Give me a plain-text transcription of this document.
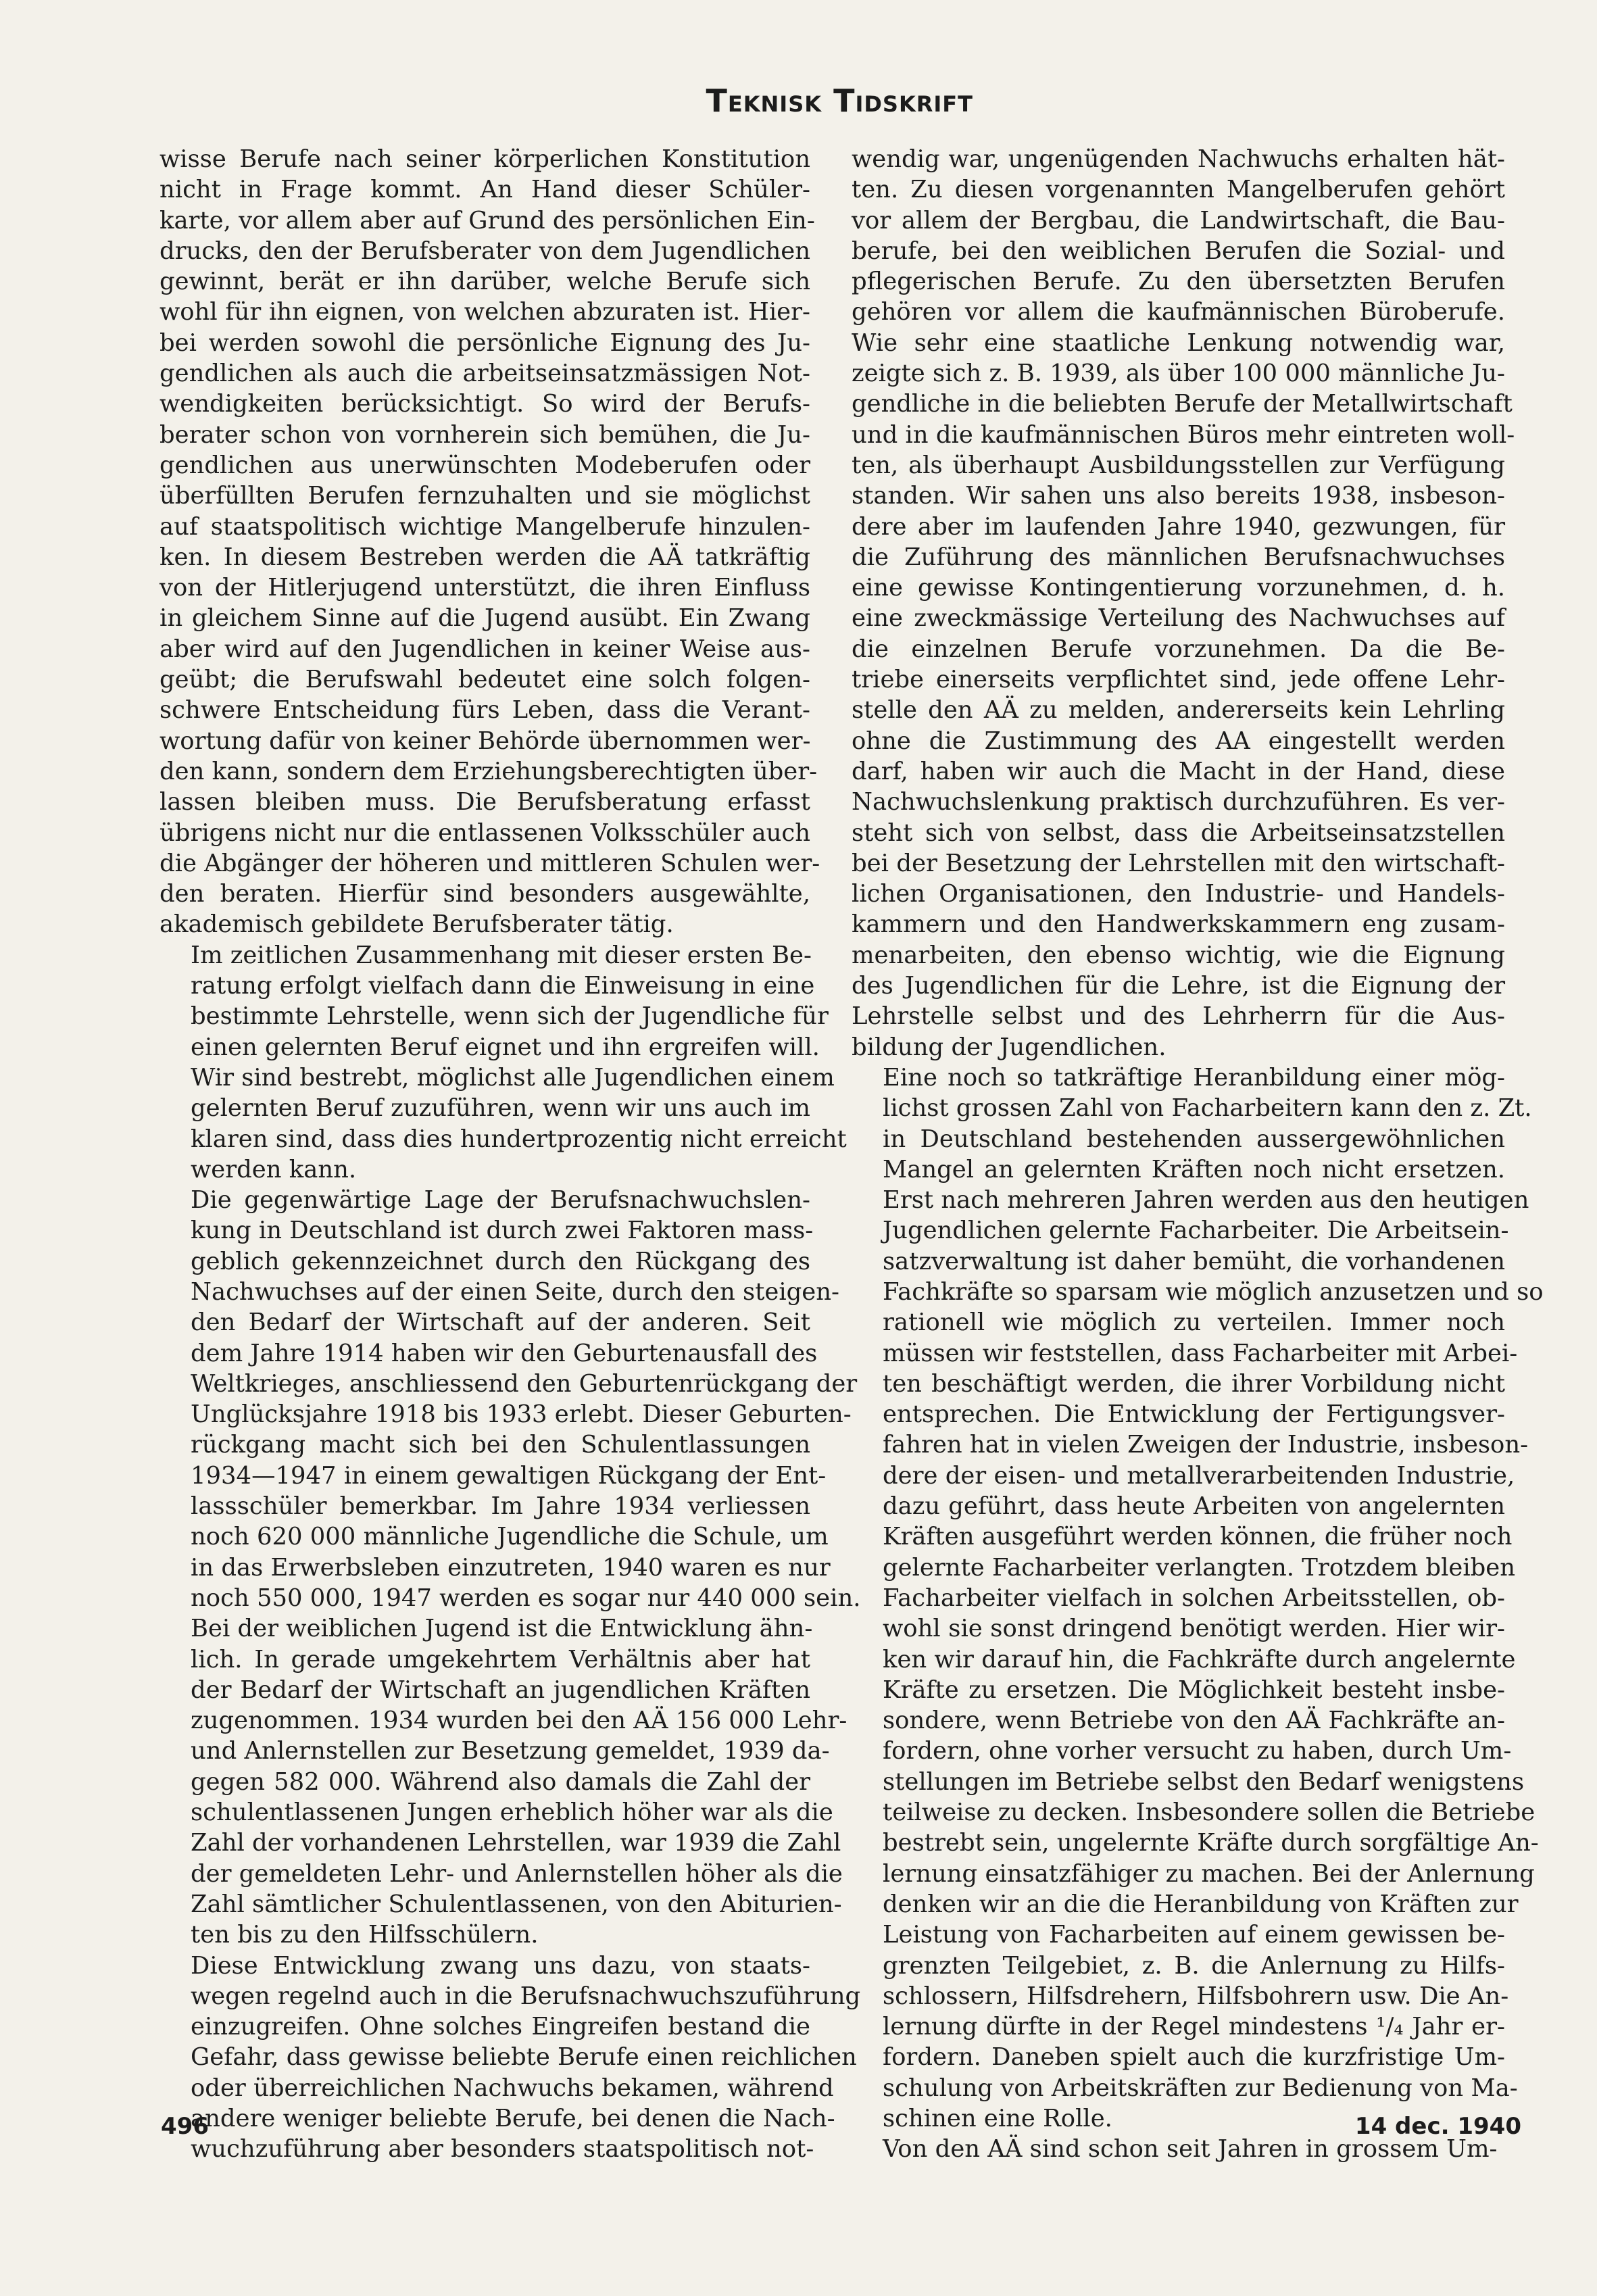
Teknisk Tidskrift

wisse Berufe nach seiner körperlichen Konstitution
nicht in Frage kommt. An Hand dieser Schüler-
karte, vor allem aber auf Grund des persönlichen Ein-
drucks, den der Berufsberater von dem Jugendlichen
gewinnt, berät er ihn darüber, welche Berufe sich
wohl für ihn eignen, von welchen abzuraten ist. Hier-
bei werden sowohl die persönliche Eignung des Ju-
gendlichen als auch die arbeitseinsatzmässigen Not-
wendigkeiten berücksichtigt. So wird der Berufs-
berater schon von vornherein sich bemühen, die Ju-
gendlichen aus unerwünschten Modeberufen oder
überfüllten Berufen fernzuhalten und sie möglichst
auf staatspolitisch wichtige Mangelberufe hinzulen-
ken. In diesem Bestreben werden die AÄ tatkräftig
von der Hitlerjugend unterstützt, die ihren Einfluss
in gleichem Sinne auf die Jugend ausübt. Ein Zwang
aber wird auf den Jugendlichen in keiner Weise aus-
geübt; die Berufswahl bedeutet eine solch folgen-
schwere Entscheidung fürs Leben, dass die Verant-
wortung dafür von keiner Behörde übernommen wer-
den kann, sondern dem Erziehungsberechtigten über-
lassen bleiben muss. Die Berufsberatung erfasst
übrigens nicht nur die entlassenen Volksschüler auch
die Abgänger der höheren und mittleren Schulen wer-
den beraten. Hierfür sind besonders ausgewählte,
akademisch gebildete Berufsberater tätig.

Im zeitlichen Zusammenhang mit dieser ersten Be-
ratung erfolgt vielfach dann die Einweisung in eine
bestimmte Lehrstelle, wenn sich der Jugendliche für
einen gelernten Beruf eignet und ihn ergreifen will.
Wir sind bestrebt, möglichst alle Jugendlichen einem
gelernten Beruf zuzuführen, wenn wir uns auch im
klaren sind, dass dies hundertprozentig nicht erreicht
werden kann.

Die gegenwärtige Lage der Berufsnachwuchslen-
kung in Deutschland ist durch zwei Faktoren mass-
geblich gekennzeichnet durch den Rückgang des
Nachwuchses auf der einen Seite, durch den steigen-
den Bedarf der Wirtschaft auf der anderen. Seit
dem Jahre 1914 haben wir den Geburtenausfall des
Weltkrieges, anschliessend den Geburtenrückgang der
Unglücksjahre 1918 bis 1933 erlebt. Dieser Geburten-
rückgang macht sich bei den Schulentlassungen
1934—1947 in einem gewaltigen Rückgang der Ent-
lassschüler bemerkbar. Im Jahre 1934 verliessen
noch 620 000 männliche Jugendliche die Schule, um
in das Erwerbsleben einzutreten, 1940 waren es nur
noch 550 000, 1947 werden es sogar nur 440 000 sein.
Bei der weiblichen Jugend ist die Entwicklung ähn-
lich. In gerade umgekehrtem Verhältnis aber hat
der Bedarf der Wirtschaft an jugendlichen Kräften
zugenommen. 1934 wurden bei den AÄ 156 000 Lehr-
und Anlernstellen zur Besetzung gemeldet, 1939 da-
gegen 582 000. Während also damals die Zahl der
schulentlassenen Jungen erheblich höher war als die
Zahl der vorhandenen Lehrstellen, war 1939 die Zahl
der gemeldeten Lehr- und Anlernstellen höher als die
Zahl sämtlicher Schulentlassenen, von den Abiturien-
ten bis zu den Hilfsschülern.

Diese Entwicklung zwang uns dazu, von staats-
wegen regelnd auch in die Berufsnachwuchszuführung
einzugreifen. Ohne solches Eingreifen bestand die
Gefahr, dass gewisse beliebte Berufe einen reichlichen
oder überreichlichen Nachwuchs bekamen, während
andere weniger beliebte Berufe, bei denen die Nach-
wuchzuführung aber besonders staatspolitisch not-

wendig war, ungenügenden Nachwuchs erhalten hät-
ten. Zu diesen vorgenannten Mangelberufen gehört
vor allem der Bergbau, die Landwirtschaft, die Bau-
berufe, bei den weiblichen Berufen die Sozial- und
pflegerischen Berufe. Zu den übersetzten Berufen
gehören vor allem die kaufmännischen Büroberufe.
Wie sehr eine staatliche Lenkung notwendig war,
zeigte sich z. B. 1939, als über 100 000 männliche Ju-
gendliche in die beliebten Berufe der Metallwirtschaft
und in die kaufmännischen Büros mehr eintreten woll-
ten, als überhaupt Ausbildungsstellen zur Verfügung
standen. Wir sahen uns also bereits 1938, insbeson-
dere aber im laufenden Jahre 1940, gezwungen, für
die Zuführung des männlichen Berufsnachwuchses
eine gewisse Kontingentierung vorzunehmen, d. h.
eine zweckmässige Verteilung des Nachwuchses auf
die einzelnen Berufe vorzunehmen. Da die Be-
triebe einerseits verpflichtet sind, jede offene Lehr-
stelle den AÄ zu melden, andererseits kein Lehrling
ohne die Zustimmung des AA eingestellt werden
darf, haben wir auch die Macht in der Hand, diese
Nachwuchslenkung praktisch durchzuführen. Es ver-
steht sich von selbst, dass die Arbeitseinsatzstellen
bei der Besetzung der Lehrstellen mit den wirtschaft-
lichen Organisationen, den Industrie- und Handels-
kammern und den Handwerkskammern eng zusam-
menarbeiten, den ebenso wichtig, wie die Eignung
des Jugendlichen für die Lehre, ist die Eignung der
Lehrstelle selbst und des Lehrherrn für die Aus-
bildung der Jugendlichen.

Eine noch so tatkräftige Heranbildung einer mög-
lichst grossen Zahl von Facharbeitern kann den z. Zt.
in Deutschland bestehenden aussergewöhnlichen
Mangel an gelernten Kräften noch nicht ersetzen.
Erst nach mehreren Jahren werden aus den heutigen
Jugendlichen gelernte Facharbeiter. Die Arbeitsein-
satzverwaltung ist daher bemüht, die vorhandenen
Fachkräfte so sparsam wie möglich anzusetzen und so
rationell wie möglich zu verteilen. Immer noch
müssen wir feststellen, dass Facharbeiter mit Arbei-
ten beschäftigt werden, die ihrer Vorbildung nicht
entsprechen. Die Entwicklung der Fertigungsver-
fahren hat in vielen Zweigen der Industrie, insbeson-
dere der eisen- und metallverarbeitenden Industrie,
dazu geführt, dass heute Arbeiten von angelernten
Kräften ausgeführt werden können, die früher noch
gelernte Facharbeiter verlangten. Trotzdem bleiben
Facharbeiter vielfach in solchen Arbeitsstellen, ob-
wohl sie sonst dringend benötigt werden. Hier wir-
ken wir darauf hin, die Fachkräfte durch angelernte
Kräfte zu ersetzen. Die Möglichkeit besteht insbe-
sondere, wenn Betriebe von den AÄ Fachkräfte an-
fordern, ohne vorher versucht zu haben, durch Um-
stellungen im Betriebe selbst den Bedarf wenigstens
teilweise zu decken. Insbesondere sollen die Betriebe
bestrebt sein, ungelernte Kräfte durch sorgfältige An-
lernung einsatzfähiger zu machen. Bei der Anlernung
denken wir an die die Heranbildung von Kräften zur
Leistung von Facharbeiten auf einem gewissen be-
grenzten Teilgebiet, z. B. die Anlernung zu Hilfs-
schlossern, Hilfsdrehern, Hilfsbohrern usw. Die An-
lernung dürfte in der Regel mindestens ¹/₄ Jahr er-
fordern. Daneben spielt auch die kurzfristige Um-
schulung von Arbeitskräften zur Bedienung von Ma-
schinen eine Rolle.

Von den AÄ sind schon seit Jahren in grossem Um-

496	14 dec. 1940
